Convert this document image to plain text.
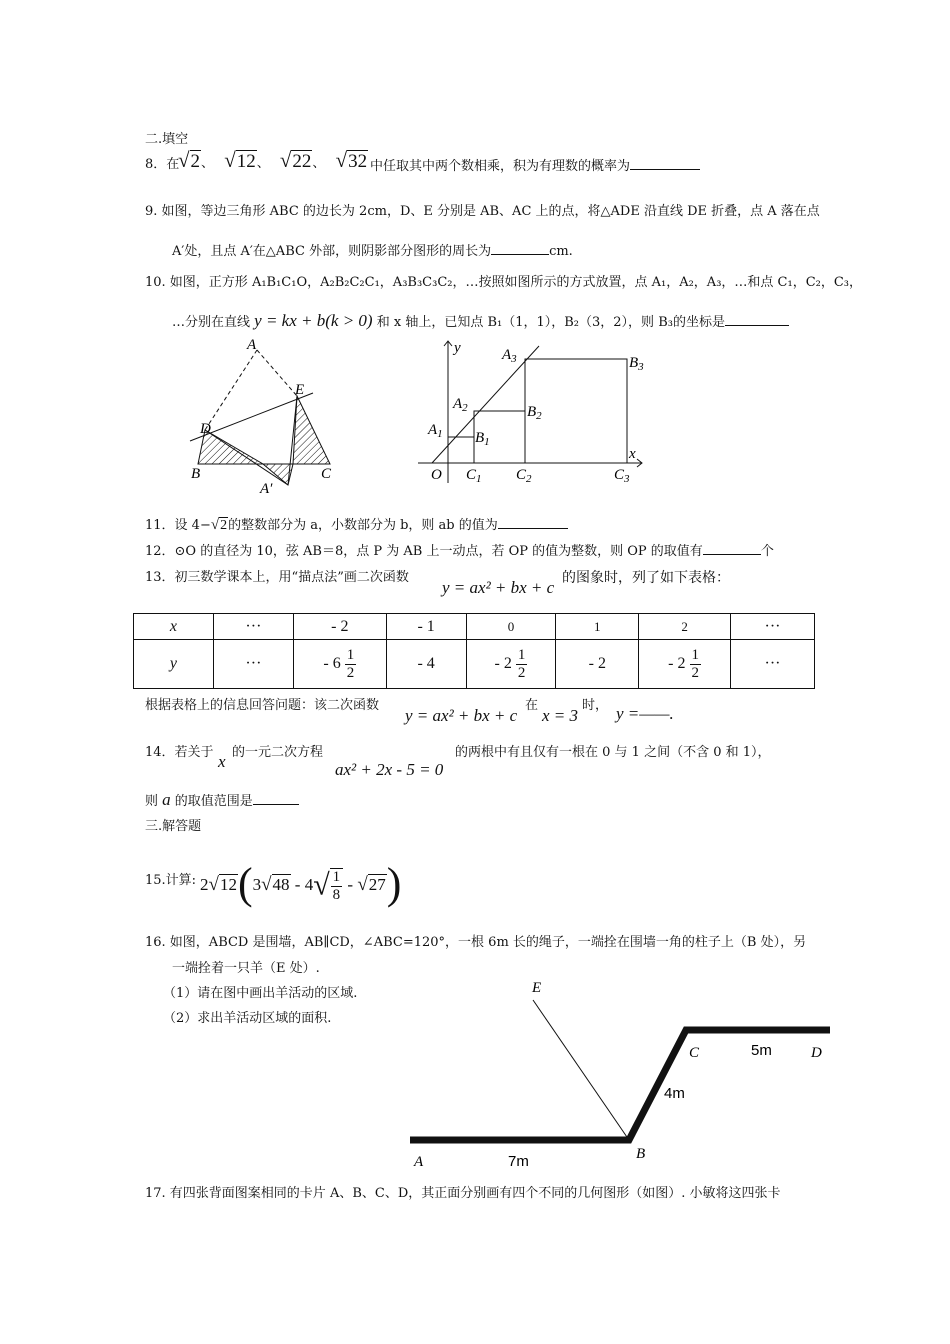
二.填空
8．在
√2、 √12、 √22、 √32 中任取其中两个数相乘，积为有理数的概率为
9. 如图，等边三角形 ABC 的边长为 2cm，D、E 分别是 AB、AC 上的点，将△ADE 沿直线 DE 折叠，点 A 落在点
A′处，且点 A′在△ABC 外部，则阴影部分图形的周长为	cm.
10. 如图，正方形 A₁B₁C₁O，A₂B₂C₂C₁，A₃B₃C₃C₂，…按照如图所示的方式放置，点 A₁，A₂，A₃，…和点 C₁，C₂，C₃，
…分别在直线 y = kx + b(k > 0) 和 x 轴上，已知点 B₁（1，1），B₂（3，2），则 B₃的坐标是
A
E
D
B	C
A′
y
x
O
$A_1$ $B_1$
$C_1$
$A_2$	$B_2$
$C_2$
$A_3$	$B_3$
$C_3$
11．设 4−√2的整数部分为 a，小数部分为 b，则 ab 的值为
12．⊙O 的直径为 10，弦 AB＝8，点 P 为 AB 上一动点，若 OP 的值为整数，则 OP 的取值有	个
13．初三数学课本上，用“描点法”画二次函数
y = ax² + bx + c 的图象时，列了如下表格：
x	···	- 2	- 1	0	1	2	···
y	···	- $6 \frac{1}{2}$	- 4	- $2 \frac{1}{2}$	- 2	- $2 \frac{1}{2}$	···
根据表格上的信息回答问题：该二次函数
y = ax² + bx + c
在
x = 3
时， y =——.
14．若关于 x 的一元二次方程
ax² + 2x - 5 = 0
的两根中有且仅有一根在 0 与 1 之间（不含 0 和 1），
则 a 的取值范围是
三.解答题
15.计算: $2√12(3√48 - 4√ \frac{1}{8} - √27)$
16. 如图，ABCD 是围墙，AB∥CD，∠ABC=120°，一根 6m 长的绳子，一端拴在围墙一角的柱子上（B 处），另
一端拴着一只羊（E 处）.
（1）请在图中画出羊活动的区域.
（2）求出羊活动区域的面积.
E
A	B
C	D
7m
4m
5m
17. 有四张背面图案相同的卡片 A、B、C、D，其正面分别画有四个不同的几何图形（如图）. 小敏将这四张卡
